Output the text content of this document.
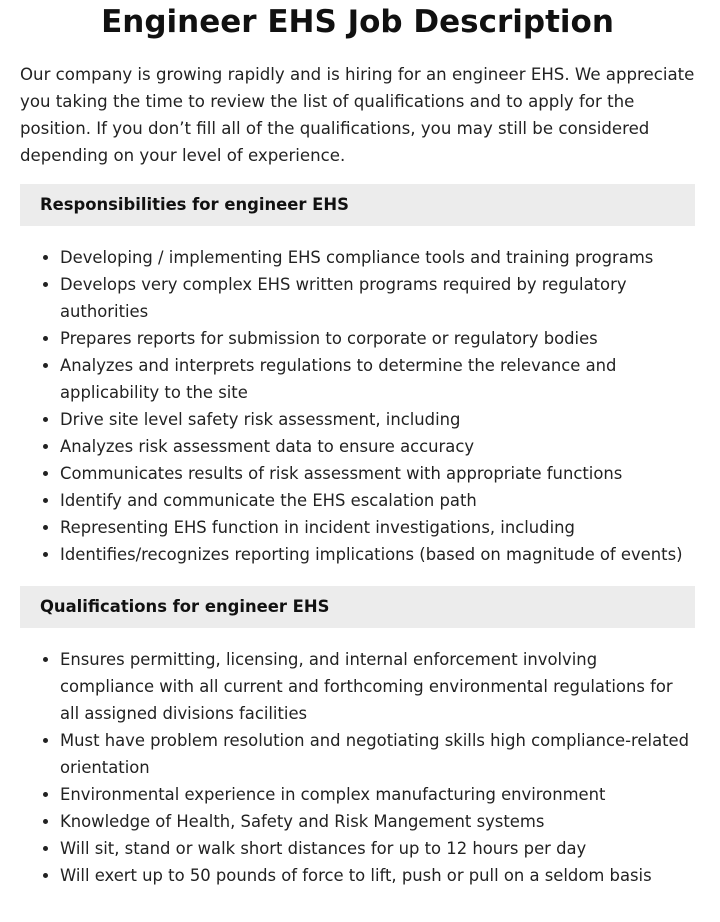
Engineer EHS Job Description

Our company is growing rapidly and is hiring for an engineer EHS. We appreciate you taking the time to review the list of qualifications and to apply for the position. If you don’t fill all of the qualifications, you may still be considered depending on your level of experience.

Responsibilities for engineer EHS
• Developing / implementing EHS compliance tools and training programs
• Develops very complex EHS written programs required by regulatory authorities
• Prepares reports for submission to corporate or regulatory bodies
• Analyzes and interprets regulations to determine the relevance and applicability to the site
• Drive site level safety risk assessment, including
• Analyzes risk assessment data to ensure accuracy
• Communicates results of risk assessment with appropriate functions
• Identify and communicate the EHS escalation path
• Representing EHS function in incident investigations, including
• Identifies/recognizes reporting implications (based on magnitude of events)
Qualifications for engineer EHS
• Ensures permitting, licensing, and internal enforcement involving compliance with all current and forthcoming environmental regulations for all assigned divisions facilities
• Must have problem resolution and negotiating skills high compliance-related orientation
• Environmental experience in complex manufacturing environment
• Knowledge of Health, Safety and Risk Mangement systems
• Will sit, stand or walk short distances for up to 12 hours per day
• Will exert up to 50 pounds of force to lift, push or pull on a seldom basis
